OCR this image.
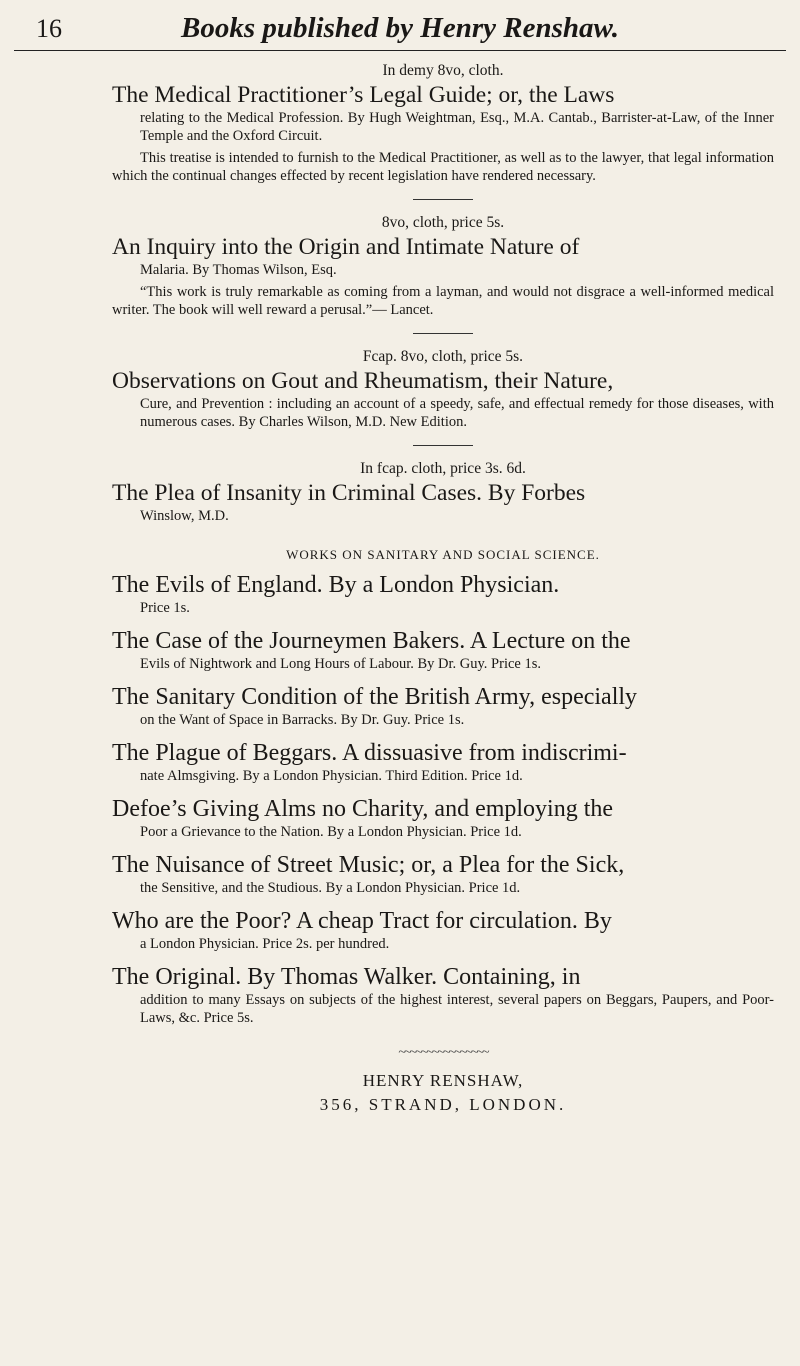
16	Books published by Henry Renshaw.

In demy 8vo, cloth.

The Medical Practitioner’s Legal Guide; or, the Laws

relating to the Medical Profession. By Hugh Weightman, Esq., M.A. Cantab., Barrister-at-Law, of the Inner Temple and the Oxford Circuit.

This treatise is intended to furnish to the Medical Practitioner, as well as to the lawyer, that legal information which the continual changes effected by recent legislation have rendered necessary.

8vo, cloth, price 5s.

An Inquiry into the Origin and Intimate Nature of

Malaria. By Thomas Wilson, Esq.

“This work is truly remarkable as coming from a layman, and would not disgrace a well-informed medical writer. The book will well reward a perusal.”— Lancet.

Fcap. 8vo, cloth, price 5s.

Observations on Gout and Rheumatism, their Nature,

Cure, and Prevention : including an account of a speedy, safe, and effectual remedy for those diseases, with numerous cases. By Charles Wilson, M.D. New Edition.

In fcap. cloth, price 3s. 6d.

The Plea of Insanity in Criminal Cases. By Forbes

Winslow, M.D.

WORKS ON SANITARY AND SOCIAL SCIENCE.

The Evils of England. By a London Physician.

Price 1s.

The Case of the Journeymen Bakers. A Lecture on the

Evils of Nightwork and Long Hours of Labour. By Dr. Guy. Price 1s.

The Sanitary Condition of the British Army, especially

on the Want of Space in Barracks. By Dr. Guy. Price 1s.

The Plague of Beggars. A dissuasive from indiscrimi-

nate Almsgiving. By a London Physician. Third Edition. Price 1d.

Defoe’s Giving Alms no Charity, and employing the

Poor a Grievance to the Nation. By a London Physician. Price 1d.

The Nuisance of Street Music; or, a Plea for the Sick,

the Sensitive, and the Studious. By a London Physician. Price 1d.

Who are the Poor? A cheap Tract for circulation. By

a London Physician. Price 2s. per hundred.

The Original. By Thomas Walker. Containing, in

addition to many Essays on subjects of the highest interest, several papers on Beggars, Paupers, and Poor-Laws, &c. Price 5s.

~~~~~~~~~~~~~~~~

HENRY RENSHAW,

356, STRAND, LONDON.
